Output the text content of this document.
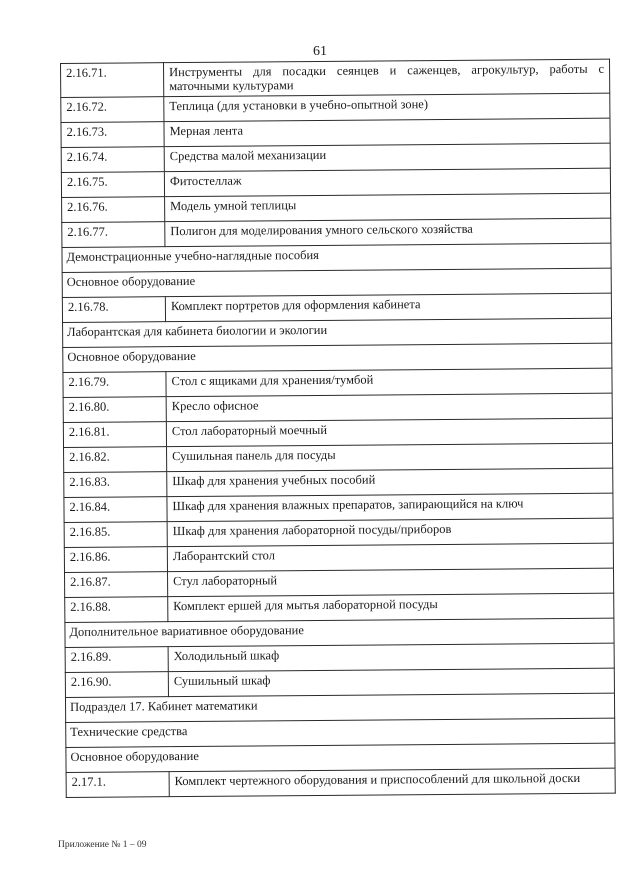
61
2.16.71.	Инструменты для посадки сеянцев и саженцев, агрокультур, работы с маточными культурами
2.16.72.	Теплица (для установки в учебно-опытной зоне)
2.16.73.	Мерная лента
2.16.74.	Средства малой механизации
2.16.75.	Фитостеллаж
2.16.76.	Модель умной теплицы
2.16.77.	Полигон для моделирования умного сельского хозяйства
Демонстрационные учебно-наглядные пособия	
Основное оборудование	
2.16.78.	Комплект портретов для оформления кабинета
Лаборантская для кабинета биологии и экологии	
Основное оборудование	
2.16.79.	Стол с ящиками для хранения/тумбой
2.16.80.	Кресло офисное
2.16.81.	Стол лабораторный моечный
2.16.82.	Сушильная панель для посуды
2.16.83.	Шкаф для хранения учебных пособий
2.16.84.	Шкаф для хранения влажных препаратов, запирающийся на ключ
2.16.85.	Шкаф для хранения лабораторной посуды/приборов
2.16.86.	Лаборантский стол
2.16.87.	Стул лабораторный
2.16.88.	Комплект ершей для мытья лабораторной посуды
Дополнительное вариативное оборудование	
2.16.89.	Холодильный шкаф
2.16.90.	Сушильный шкаф
Подраздел 17. Кабинет математики	
Технические средства	
Основное оборудование	
2.17.1.	Комплект чертежного оборудования и приспособлений для школьной доски
Приложение № 1 – 09
